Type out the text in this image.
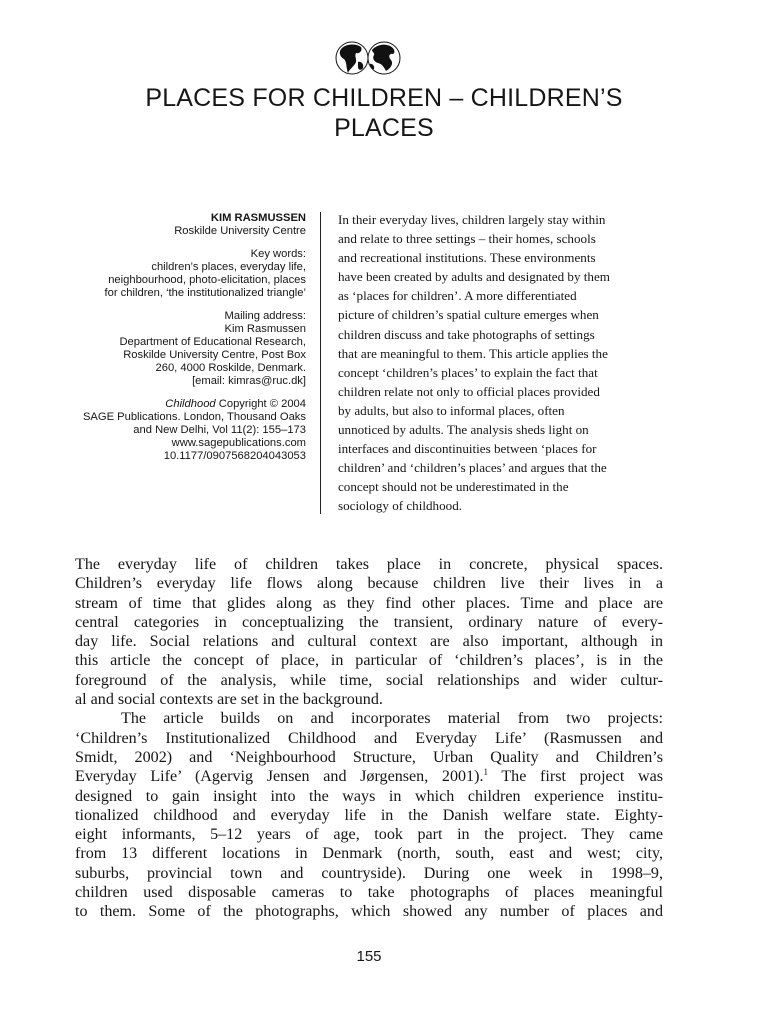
PLACES FOR CHILDREN – CHILDREN’S
PLACES
KIM RASMUSSEN
Roskilde University Centre
Key words:
children’s places, everyday life,
neighbourhood, photo-elicitation, places
for children, ‘the institutionalized triangle’
Mailing address:
Kim Rasmussen
Department of Educational Research,
Roskilde University Centre, Post Box
260, 4000 Roskilde, Denmark.
[email: kimras@ruc.dk]
Childhood Copyright © 2004
SAGE Publications. London, Thousand Oaks
and New Delhi, Vol 11(2): 155–173
www.sagepublications.com
10.1177/0907568204043053
In their everyday lives, children largely stay within
and relate to three settings – their homes, schools
and recreational institutions. These environments
have been created by adults and designated by them
as ‘places for children’. A more differentiated
picture of children’s spatial culture emerges when
children discuss and take photographs of settings
that are meaningful to them. This article applies the
concept ‘children’s places’ to explain the fact that
children relate not only to official places provided
by adults, but also to informal places, often
unnoticed by adults. The analysis sheds light on
interfaces and discontinuities between ‘places for
children’ and ‘children’s places’ and argues that the
concept should not be underestimated in the
sociology of childhood.
The everyday life of children takes place in concrete, physical spaces.
Children’s everyday life flows along because children live their lives in a
stream of time that glides along as they find other places. Time and place are
central categories in conceptualizing the transient, ordinary nature of every-
day life. Social relations and cultural context are also important, although in
this article the concept of place, in particular of ‘children’s places’, is in the
foreground of the analysis, while time, social relationships and wider cultur-
al and social contexts are set in the background.
The article builds on and incorporates material from two projects:
‘Children’s Institutionalized Childhood and Everyday Life’ (Rasmussen and
Smidt, 2002) and ‘Neighbourhood Structure, Urban Quality and Children’s
Everyday Life’ (Agervig Jensen and Jørgensen, 2001).$^1$ The first project was
designed to gain insight into the ways in which children experience institu-
tionalized childhood and everyday life in the Danish welfare state. Eighty-
eight informants, 5–12 years of age, took part in the project. They came
from 13 different locations in Denmark (north, south, east and west; city,
suburbs, provincial town and countryside). During one week in 1998–9,
children used disposable cameras to take photographs of places meaningful
to them. Some of the photographs, which showed any number of places and
155
